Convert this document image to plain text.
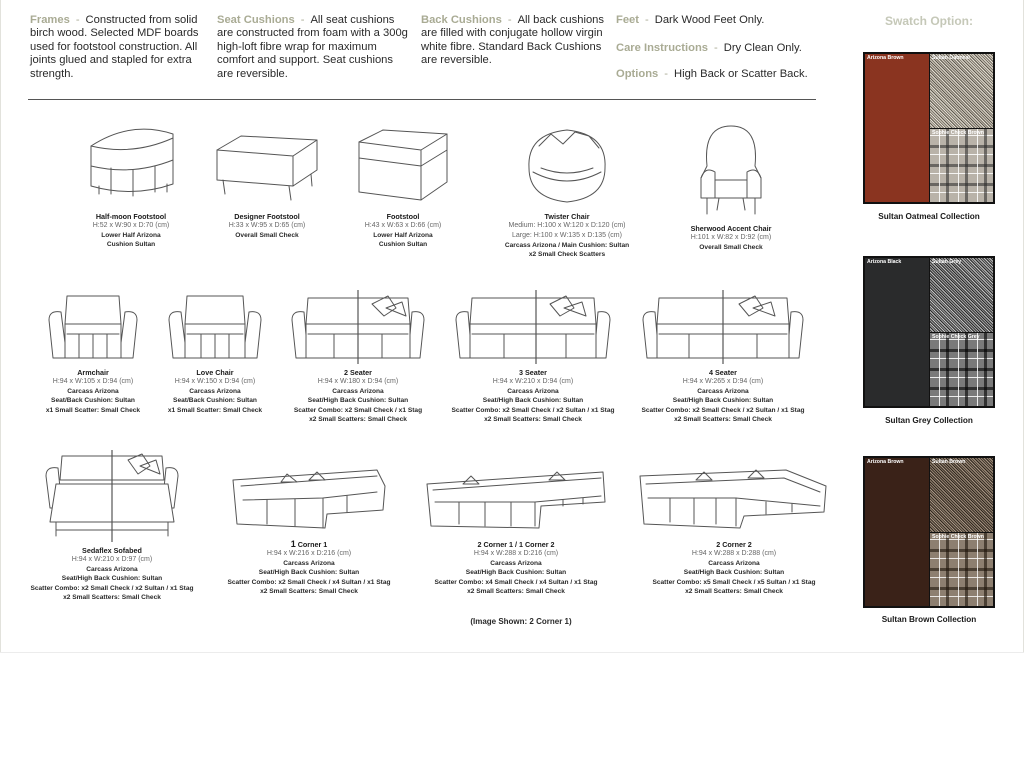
Frames - Constructed from solid birch wood. Selected MDF boards used for footstool construction. All joints glued and stapled for extra strength.
Seat Cushions - All seat cushions are constructed from foam with a 300g high-loft fibre wrap for maximum comfort and support. Seat cushions are reversible.
Back Cushions - All back cushions are filled with conjugate hollow virgin white fibre. Standard Back Cushions are reversible.
Feet - Dark Wood Feet Only.
Care Instructions - Dry Clean Only.
Options - High Back or Scatter Back.
Half-moon Footstool
H:52 x W:90 x D:70 (cm)
Lower Half Arizona
Cushion Sultan
Designer Footstool
H:33 x W:95 x D:65 (cm)
Overall Small Check
Footstool
H:43 x W:63 x D:66 (cm)
Lower Half Arizona
Cushion Sultan
Twister Chair
Medium: H:100 x W:120 x D:120 (cm)
Large: H:100 x W:135 x D:135 (cm)
Carcass Arizona / Main Cushion: Sultan
x2 Small Check Scatters
Sherwood Accent Chair
H:101 x W:82 x D:92 (cm)
Overall Small Check
Armchair
H:94 x W:105 x D:94 (cm)
Carcass Arizona
Seat/Back Cushion: Sultan
x1 Small Scatter: Small Check
Love Chair
H:94 x W:150 x D:94 (cm)
Carcass Arizona
Seat/Back Cushion: Sultan
x1 Small Scatter: Small Check
2 Seater
H:94 x W:180 x D:94 (cm)
Carcass Arizona
Seat/High Back Cushion: Sultan
Scatter Combo: x2 Small Check / x1 Stag
x2 Small Scatters: Small Check
3 Seater
H:94 x W:210 x D:94 (cm)
Carcass Arizona
Seat/High Back Cushion: Sultan
Scatter Combo: x2 Small Check / x2 Sultan / x1 Stag
x2 Small Scatters: Small Check
4 Seater
H:94 x W:265 x D:94 (cm)
Carcass Arizona
Seat/High Back Cushion: Sultan
Scatter Combo: x2 Small Check / x2 Sultan / x1 Stag
x2 Small Scatters: Small Check
Sedaflex Sofabed
H:94 x W:210 x D:97 (cm)
Carcass Arizona
Seat/High Back Cushion: Sultan
Scatter Combo: x2 Small Check / x2 Sultan / x1 Stag
x2 Small Scatters: Small Check
1 Corner 1
H:94 x W:216 x D:216 (cm)
Carcass Arizona
Seat/High Back Cushion: Sultan
Scatter Combo: x2 Small Check / x4 Sultan / x1 Stag
x2 Small Scatters: Small Check
2 Corner 1 / 1 Corner 2
H:94 x W:288 x D:216 (cm)
Carcass Arizona
Seat/High Back Cushion: Sultan
Scatter Combo: x4 Small Check / x4 Sultan / x1 Stag
x2 Small Scatters: Small Check
2 Corner 2
H:94 x W:288 x D:288 (cm)
Carcass Arizona
Seat/High Back Cushion: Sultan
Scatter Combo: x5 Small Check / x5 Sultan / x1 Stag
x2 Small Scatters: Small Check
(Image Shown: 2 Corner 1)
Swatch Option:
Arizona Brown	Sultan Oatmeal
Sophie Check Brown
Sultan Oatmeal Collection
Arizona Black	Sultan Grey
Sophie Check Grey
Sultan Grey Collection
Arizona Brown	Sultan Brown
Sophie Check Brown
Sultan Brown Collection
